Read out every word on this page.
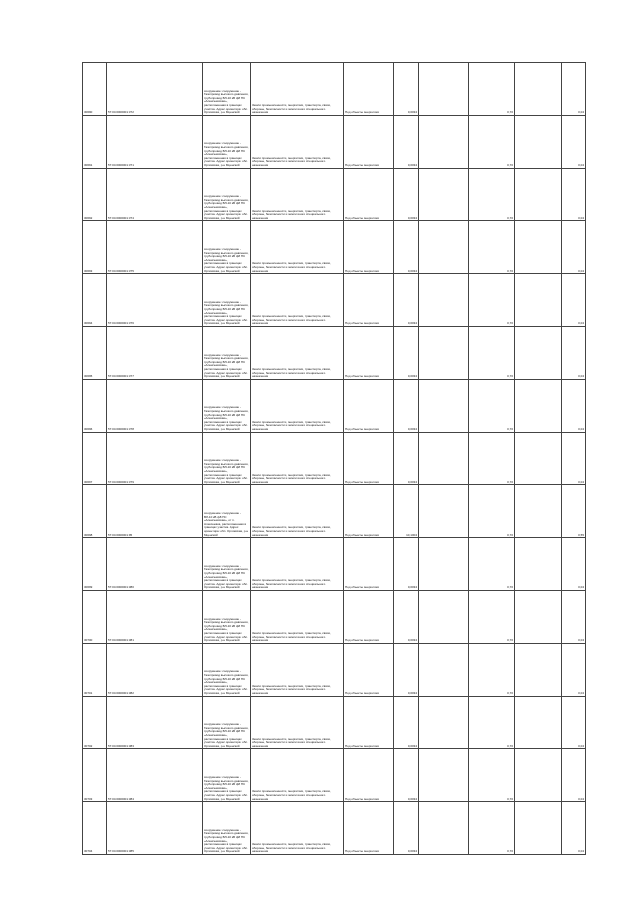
30690	57:04:0000001:372	сооружение: сооружение - Газопровод высокого давления, трубопровод ВЛ-10 кВ ф8 ПС «Алексеевская», расположенная в границах участка. Адрес ориентира: обл. Орловская, р-н Мценский	Земли промышленности, энергетики, транспорта, связи, обороны, безопасности и земли иного специального назначения	Под объекты энергетики	0,0034		0,70		0,04
30691	57:04:0000001:371	сооружение: сооружение - Газопровод высокого давления, трубопровод ВЛ-10 кВ ф8 ПС «Алексеевская», расположенная в границах участка. Адрес ориентира: обл. Орловская, р-н Мценский	Земли промышленности, энергетики, транспорта, связи, обороны, безопасности и земли иного специального назначения	Под объекты энергетики	0,0034		0,70		0,04
30692	57:04:0000001:374	сооружение: сооружение - Газопровод высокого давления, трубопровод ВЛ-10 кВ ф8 ПС «Алексеевская», расположенная в границах участка. Адрес ориентира: обл. Орловская, р-н Мценский	Земли промышленности, энергетики, транспорта, связи, обороны, безопасности и земли иного специального назначения	Под объекты энергетики	0,0034		0,70		0,04
30693	57:04:0000001:375	сооружение: сооружение - Газопровод высокого давления, трубопровод ВЛ-10 кВ ф8 ПС «Алексеевская», расположенная в границах участка. Адрес ориентира: обл. Орловская, р-н Мценский	Земли промышленности, энергетики, транспорта, связи, обороны, безопасности и земли иного специального назначения	Под объекты энергетики	0,0034		0,70		0,04
30694	57:04:0000001:376	сооружение: сооружение - Газопровод высокого давления, трубопровод ВЛ-10 кВ ф8 ПС «Алексеевская», расположенная в границах участка. Адрес ориентира: обл. Орловская, р-н Мценский	Земли промышленности, энергетики, транспорта, связи, обороны, безопасности и земли иного специального назначения	Под объекты энергетики	0,0034		0,70		0,04
30695	57:04:0000001:377	сооружение: сооружение - Газопровод высокого давления, трубопровод ВЛ-10 кВ ф8 ПС «Алексеевская», расположенная в границах участка. Адрес ориентира: обл. Орловская, р-н Мценский	Земли промышленности, энергетики, транспорта, связи, обороны, безопасности и земли иного специального назначения	Под объекты энергетики	0,0034		0,70		0,04
30696	57:04:0000001:378	сооружение: сооружение - Газопровод высокого давления, трубопровод ВЛ-10 кВ ф8 ПС «Алексеевская», расположенная в границах участка. Адрес ориентира: обл. Орловская, р-н Мценский	Земли промышленности, энергетики, транспорта, связи, обороны, безопасности и земли иного специального назначения	Под объекты энергетики	0,0034		0,70		0,04
30697	57:04:0000001:379	сооружение: сооружение - Газопровод высокого давления, трубопровод ВЛ-10 кВ ф8 ПС «Алексеевская», расположенная в границах участка. Адрес ориентира: обл. Орловская, р-н Мценский	Земли промышленности, энергетики, транспорта, связи, обороны, безопасности и земли иного специального назначения	Под объекты энергетики	0,0034		0,70		0,04
30698	57:04:0000001:95	сооружение: сооружение - ВЛ-10 кВ ф8 ПС «Алексеевская», от п. Алексеевка, расположенная в границах участка. Адрес ориентира: обл. Орловская, р-н Мценский	Земли промышленности, энергетики, транспорта, связи, обороны, безопасности и земли иного специального назначения	Под объекты энергетики	10,1004		0,70		0,55
30699	57:04:0000001:380	сооружение: сооружение - Газопровод высокого давления, трубопровод ВЛ-10 кВ ф8 ПС «Алексеевская», расположенная в границах участка. Адрес ориентира: обл. Орловская, р-н Мценский	Земли промышленности, энергетики, транспорта, связи, обороны, безопасности и земли иного специального назначения	Под объекты энергетики	0,0034		0,70		0,04
30700	57:04:0000001:381	сооружение: сооружение - Газопровод высокого давления, трубопровод ВЛ-10 кВ ф8 ПС «Алексеевская», расположенная в границах участка. Адрес ориентира: обл. Орловская, р-н Мценский	Земли промышленности, энергетики, транспорта, связи, обороны, безопасности и земли иного специального назначения	Под объекты энергетики	0,0034		0,70		0,04
30701	57:04:0000001:382	сооружение: сооружение - Газопровод высокого давления, трубопровод ВЛ-10 кВ ф8 ПС «Алексеевская», расположенная в границах участка. Адрес ориентира: обл. Орловская, р-н Мценский	Земли промышленности, энергетики, транспорта, связи, обороны, безопасности и земли иного специального назначения	Под объекты энергетики	0,0034		0,70		0,04
30702	57:04:0000001:383	сооружение: сооружение - Газопровод высокого давления, трубопровод ВЛ-10 кВ ф8 ПС «Алексеевская», расположенная в границах участка. Адрес ориентира: обл. Орловская, р-н Мценский	Земли промышленности, энергетики, транспорта, связи, обороны, безопасности и земли иного специального назначения	Под объекты энергетики	0,0034		0,70		0,04
30703	57:04:0000001:384	сооружение: сооружение - Газопровод высокого давления, трубопровод ВЛ-10 кВ ф8 ПС «Алексеевская», расположенная в границах участка. Адрес ориентира: обл. Орловская, р-н Мценский	Земли промышленности, энергетики, транспорта, связи, обороны, безопасности и земли иного специального назначения	Под объекты энергетики	0,0034		0,70		0,04
30704	57:04:0000001:385	сооружение: сооружение - Газопровод высокого давления, трубопровод ВЛ-10 кВ ф8 ПС «Алексеевская», расположенная в границах участка. Адрес ориентира: обл. Орловская, р-н Мценский	Земли промышленности, энергетики, транспорта, связи, обороны, безопасности и земли иного специального назначения	Под объекты энергетики	0,0034		0,70		0,04
